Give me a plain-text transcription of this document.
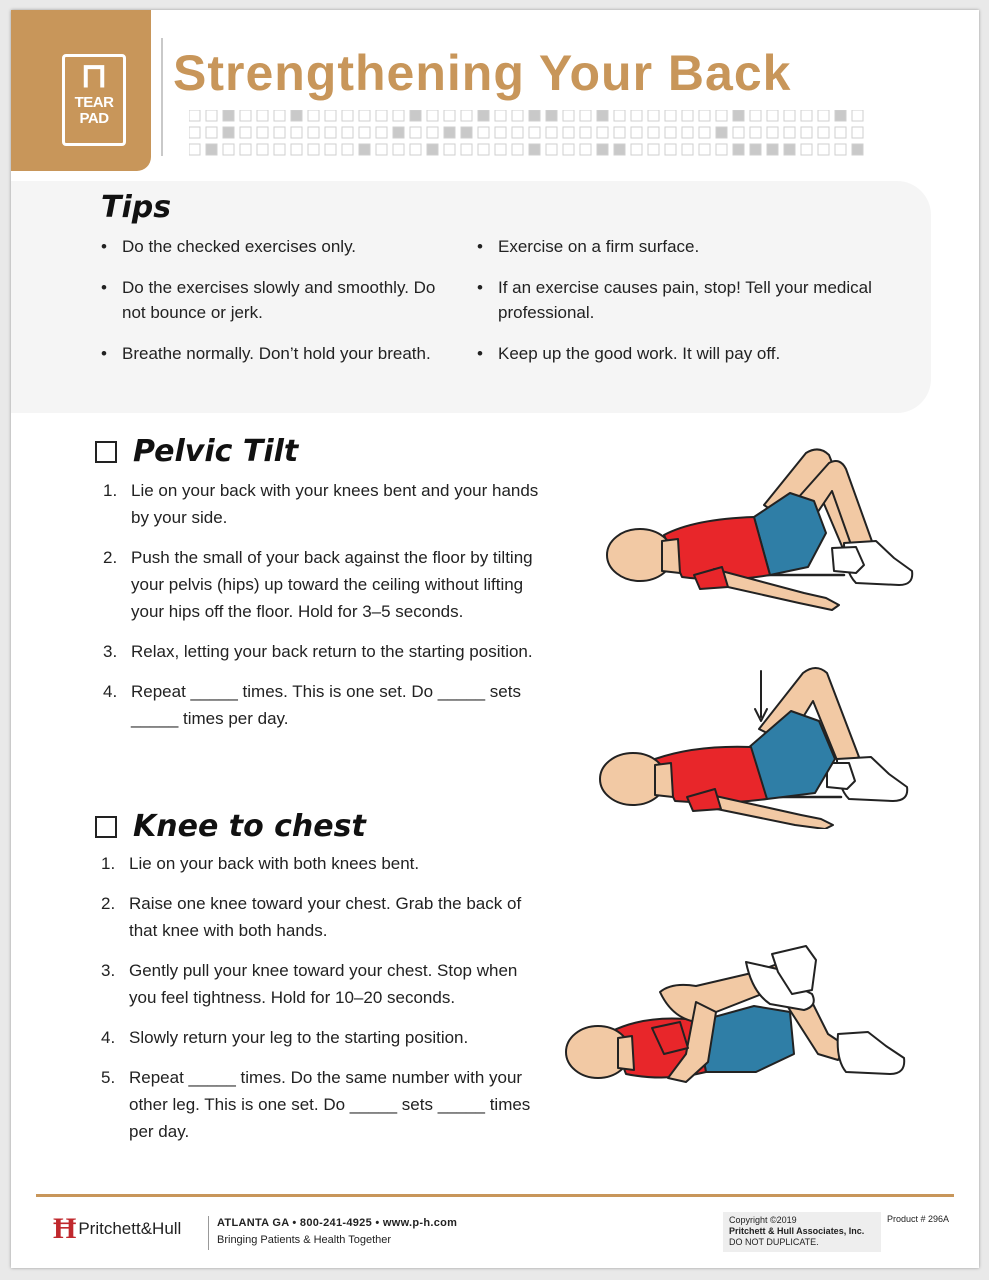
⊓
TEAR
PAD
Strengthening Your Back
Tips
• Do the checked exercises only.
• Do the exercises slowly and smoothly. Do not bounce or jerk.
• Breathe normally. Don’t hold your breath.
• Exercise on a firm surface.
• If an exercise causes pain, stop! Tell your medical professional.
• Keep up the good work. It will pay off.
Pelvic Tilt
1. Lie on your back with your knees bent and your hands by your side.
2. Push the small of your back against the floor by tilting your pelvis (hips) up toward the ceiling without lifting your hips off the floor. Hold for 3–5 seconds.
3. Relax, letting your back return to the starting position.
4. Repeat _____ times. This is one set. Do _____ sets _____ times per day.
Knee to chest
1. Lie on your back with both knees bent.
2. Raise one knee toward your chest. Grab the back of that knee with both hands.
3. Gently pull your knee toward your chest. Stop when you feel tightness. Hold for 10–20 seconds.
4. Slowly return your leg to the starting position.
5. Repeat _____ times. Do the same number with your other leg. This is one set. Do _____ sets _____ times per day.
Ħ Pritchett&Hull	ATLANTA GA • 800-241-4925 • www.p-h.com
Bringing Patients & Health Together
Copyright ©2019
Pritchett & Hull Associates, Inc.
DO NOT DUPLICATE.
Product # 296A
